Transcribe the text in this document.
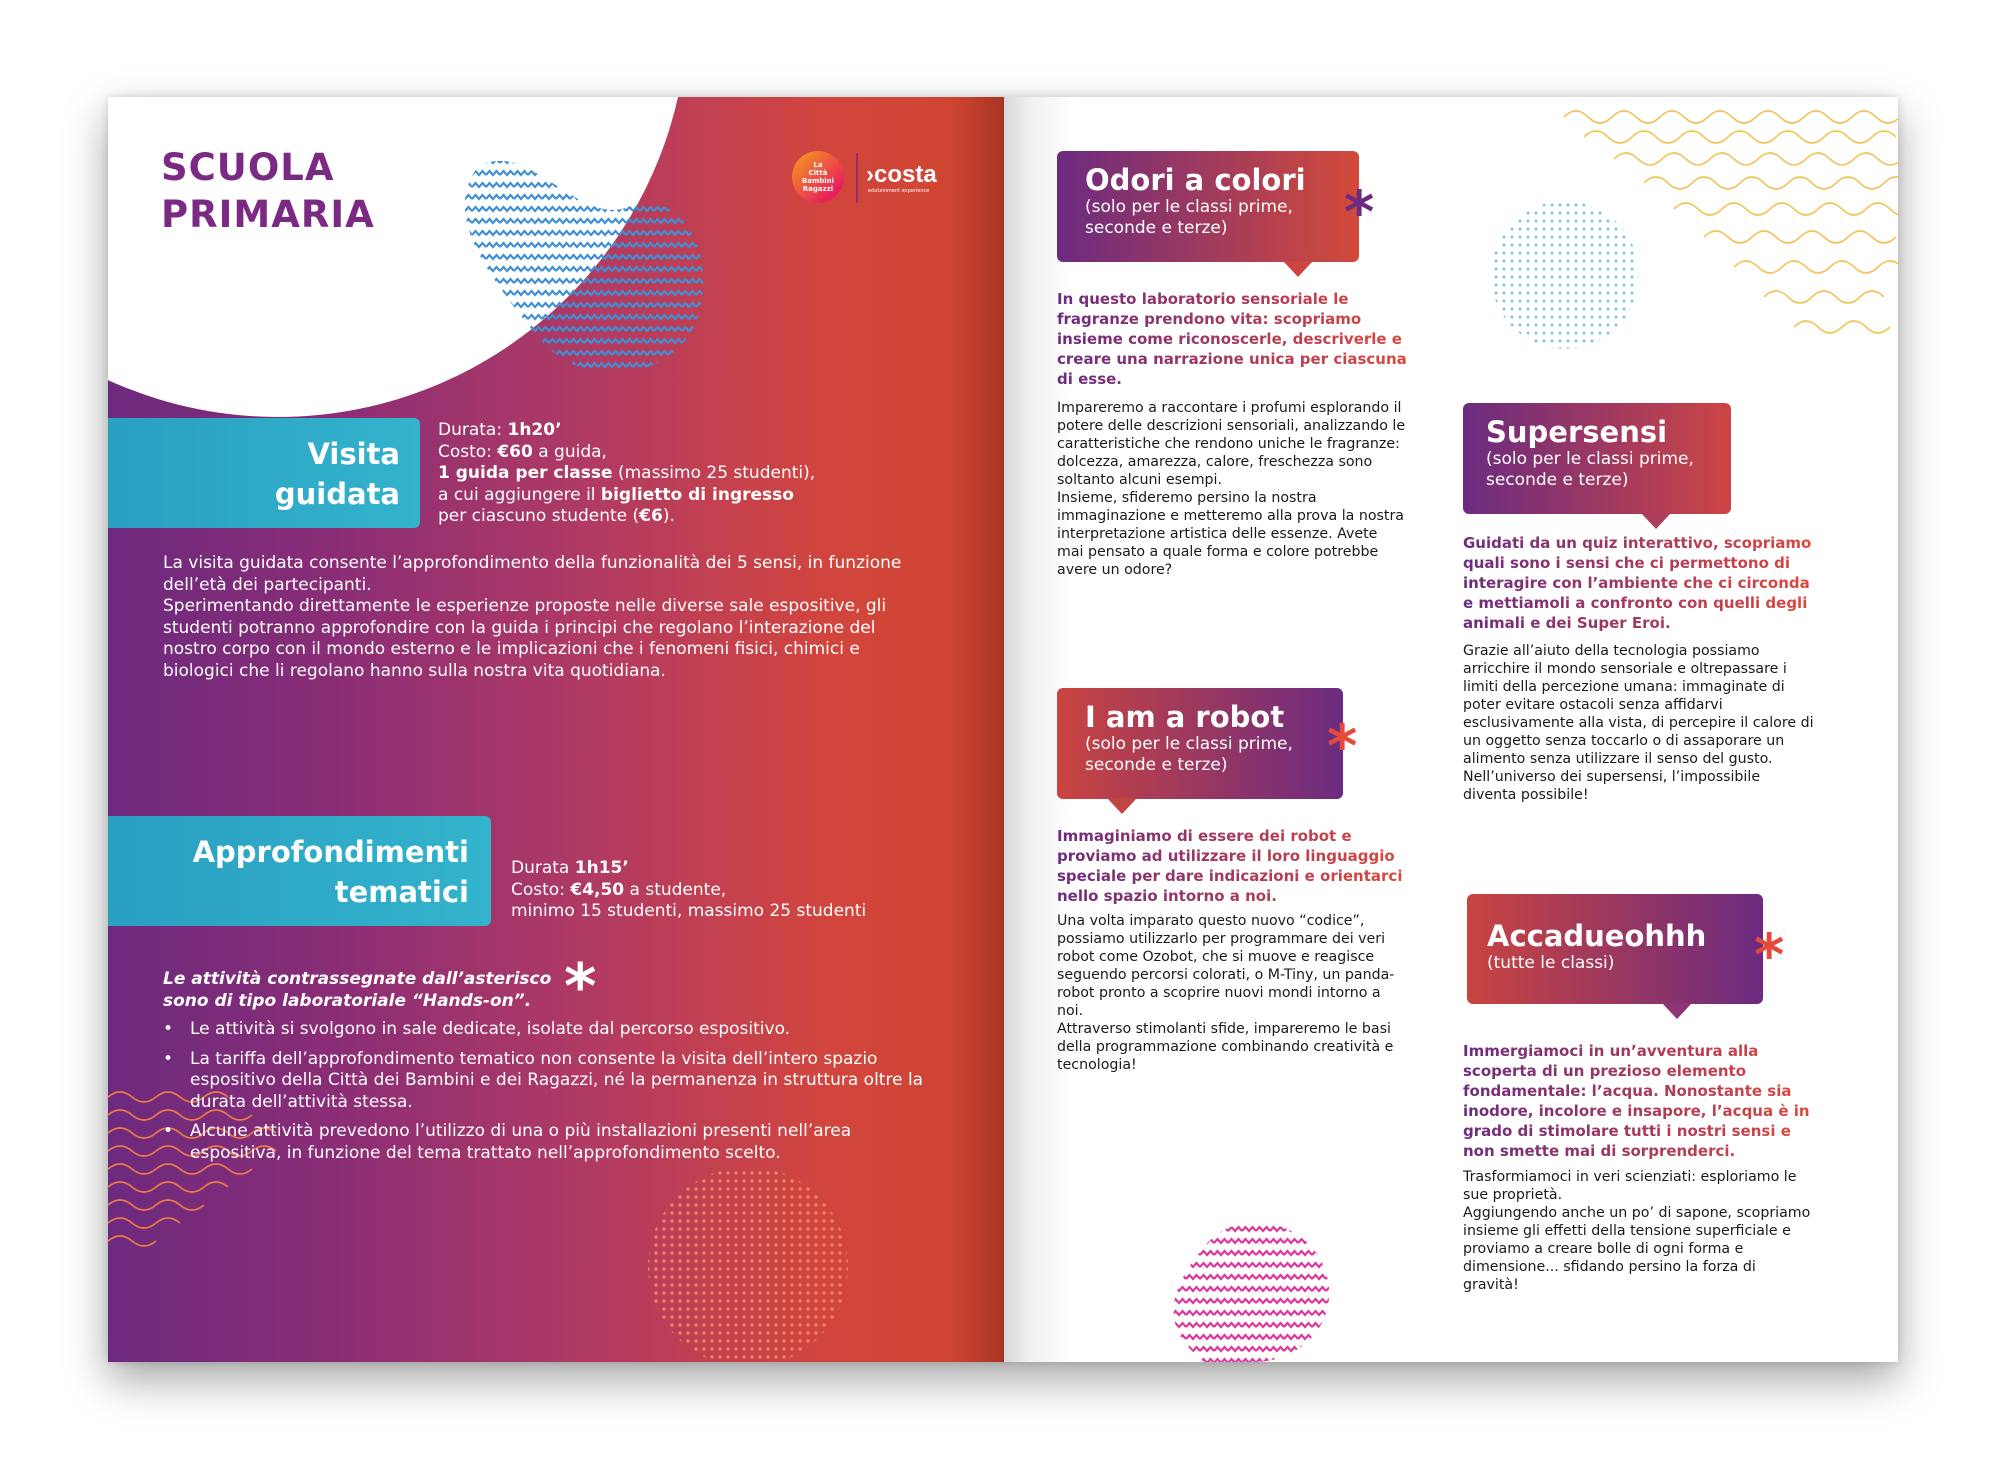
SCUOLA
PRIMARIA
La
Città
Bambini
Ragazzi
›costa
edutainment experience
Visita
guidata
Durata: 1h20’
Costo: €60 a guida,
1 guida per classe (massimo 25 studenti),
a cui aggiungere il biglietto di ingresso
per ciascuno studente (€6).

La visita guidata consente l’approfondimento della funzionalità dei 5 sensi, in funzione dell’età dei partecipanti.

Sperimentando direttamente le esperienze proposte nelle diverse sale espositive, gli studenti potranno approfondire con la guida i principi che regolano l’interazione del nostro corpo con il mondo esterno e le implicazioni che i fenomeni fisici, chimici e biologici che li regolano hanno sulla nostra vita quotidiana.

Approfondimenti
tematici
Durata 1h15’
Costo: €4,50 a studente,
minimo 15 studenti, massimo 25 studenti
Le attività contrassegnate dall’asterisco sono di tipo laboratoriale “Hands-on”. *
• Le attività si svolgono in sale dedicate, isolate dal percorso espositivo.
• La tariffa dell’approfondimento tematico non consente la visita dell’intero spazio espositivo della Città dei Bambini e dei Ragazzi, né la permanenza in struttura oltre la durata dell’attività stessa.
• Alcune attività prevedono l’utilizzo di una o più installazioni presenti nell’area espositiva, in funzione del tema trattato nell’approfondimento scelto.
Odori a colori
(solo per le classi prime, seconde e terze)	*
In questo laboratorio sensoriale le fragranze prendono vita: scopriamo insieme come riconoscerle, descriverle e creare una narrazione unica per ciascuna di esse.

Impareremo a raccontare i profumi esplorando il potere delle descrizioni sensoriali, analizzando le caratteristiche che rendono uniche le fragranze: dolcezza, amarezza, calore, freschezza sono soltanto alcuni esempi.

Insieme, sfideremo persino la nostra immaginazione e metteremo alla prova la nostra interpretazione artistica delle essenze. Avete mai pensato a quale forma e colore potrebbe avere un odore?

I am a robot
(solo per le classi prime, seconde e terze)	*
Immaginiamo di essere dei robot e proviamo ad utilizzare il loro linguaggio speciale per dare indicazioni e orientarci nello spazio intorno a noi.

Una volta imparato questo nuovo “codice”, possiamo utilizzarlo per programmare dei veri robot come Ozobot, che si muove e reagisce seguendo percorsi colorati, o M-Tiny, un panda-robot pronto a scoprire nuovi mondi intorno a noi.

Attraverso stimolanti sfide, impareremo le basi della programmazione combinando creatività e tecnologia!

Supersensi
(solo per le classi prime, seconde e terze)
Guidati da un quiz interattivo, scopriamo quali sono i sensi che ci permettono di interagire con l’ambiente che ci circonda e mettiamoli a confronto con quelli degli animali e dei Super Eroi.

Grazie all’aiuto della tecnologia possiamo arricchire il mondo sensoriale e oltrepassare i limiti della percezione umana: immaginate di poter evitare ostacoli senza affidarvi esclusivamente alla vista, di percepire il calore di un oggetto senza toccarlo o di assaporare un alimento senza utilizzare il senso del gusto. Nell’universo dei supersensi, l’impossibile diventa possibile!

Accadueohhh
(tutte le classi)	*
Immergiamoci in un’avventura alla scoperta di un prezioso elemento fondamentale: l’acqua. Nonostante sia inodore, incolore e insapore, l’acqua è in grado di stimolare tutti i nostri sensi e non smette mai di sorprenderci.

Trasformiamoci in veri scienziati: esploriamo le sue proprietà.

Aggiungendo anche un po’ di sapone, scopriamo insieme gli effetti della tensione superficiale e proviamo a creare bolle di ogni forma e dimensione... sfidando persino la forza di gravità!
